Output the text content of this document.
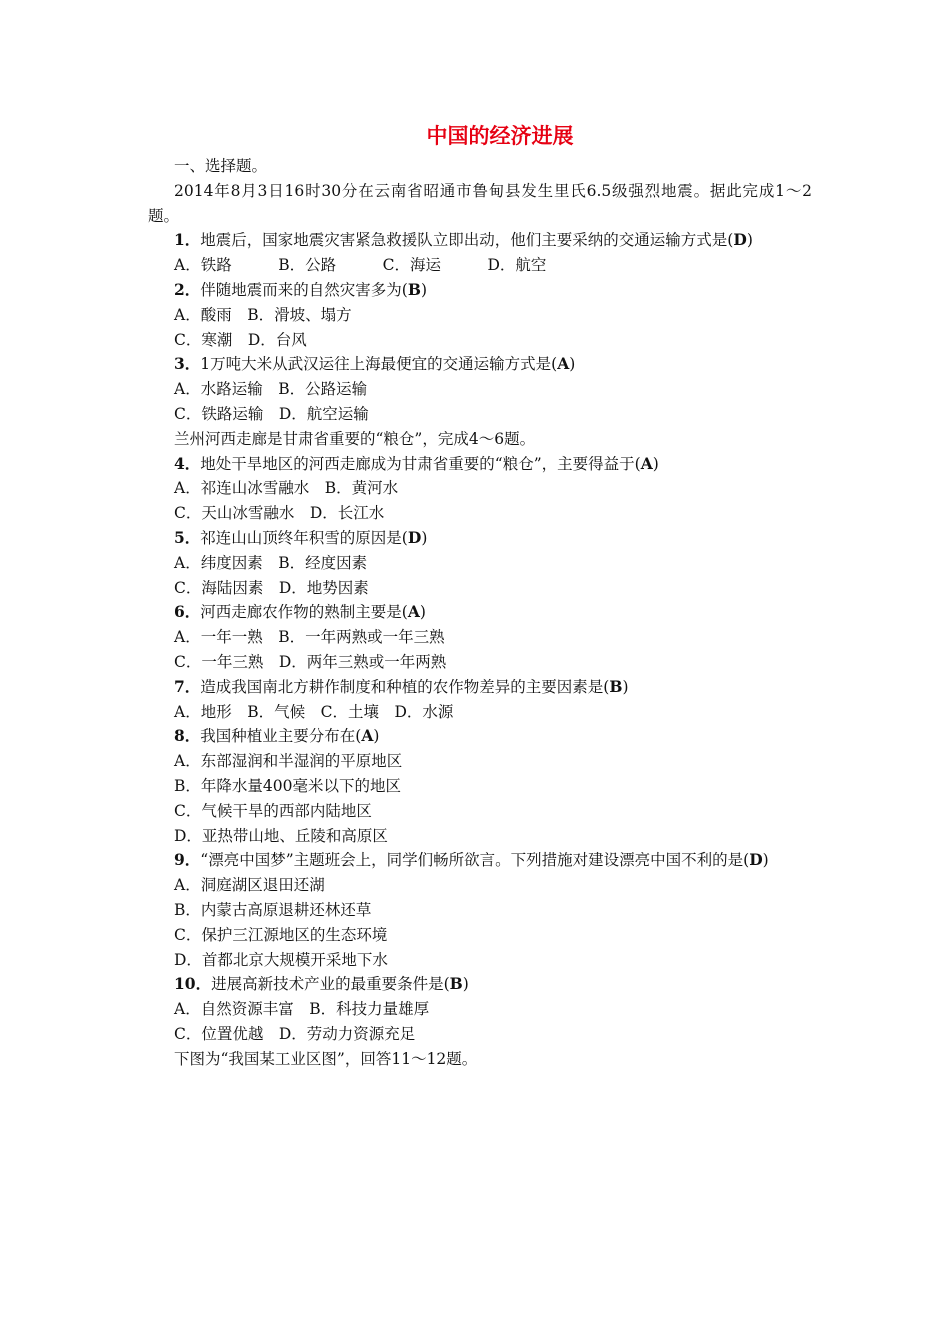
中国的经济进展
一、选择题。
2014年8月3日16时30分在云南省昭通市鲁甸县发生里氏6.5级强烈地震。据此完成1～2题。
1．地震后，国家地震灾害紧急救援队立即出动，他们主要采纳的交通运输方式是(D)
A．铁路　　　B．公路　　　C．海运　　　D．航空
2．伴随地震而来的自然灾害多为(B)
A．酸雨　B．滑坡、塌方
C．寒潮　D．台风
3．1万吨大米从武汉运往上海最便宜的交通运输方式是(A)
A．水路运输　B．公路运输
C．铁路运输　D．航空运输
兰州河西走廊是甘肃省重要的“粮仓”，完成4～6题。
4．地处干旱地区的河西走廊成为甘肃省重要的“粮仓”，主要得益于(A)
A．祁连山冰雪融水　B．黄河水
C．天山冰雪融水　D．长江水
5．祁连山山顶终年积雪的原因是(D)
A．纬度因素　B．经度因素
C．海陆因素　D．地势因素
6．河西走廊农作物的熟制主要是(A)
A．一年一熟　B．一年两熟或一年三熟
C．一年三熟　D．两年三熟或一年两熟
7．造成我国南北方耕作制度和种植的农作物差异的主要因素是(B)
A．地形　B．气候　C．土壤　D．水源
8．我国种植业主要分布在(A)
A．东部湿润和半湿润的平原地区
B．年降水量400毫米以下的地区
C．气候干旱的西部内陆地区
D．亚热带山地、丘陵和高原区
9．“漂亮中国梦”主题班会上，同学们畅所欲言。下列措施对建设漂亮中国不利的是(D)
A．洞庭湖区退田还湖
B．内蒙古高原退耕还林还草
C．保护三江源地区的生态环境
D．首都北京大规模开采地下水
10．进展高新技术产业的最重要条件是(B)
A．自然资源丰富　B．科技力量雄厚
C．位置优越　D．劳动力资源充足
下图为“我国某工业区图”，回答11～12题。
